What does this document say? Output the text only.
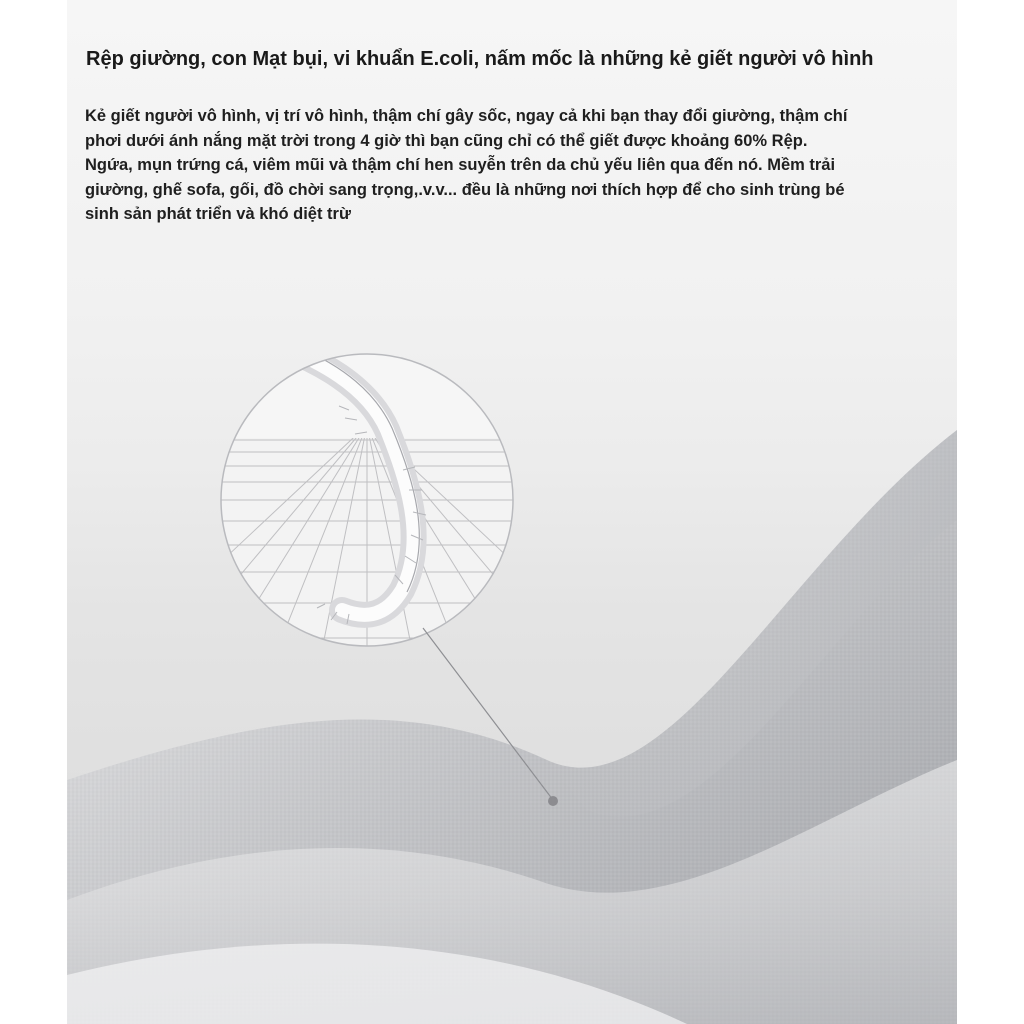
Rệp giường, con Mạt bụi, vi khuẩn E.coli, nấm mốc là những kẻ giết người vô hình
Kẻ giết người vô hình, vị trí vô hình, thậm chí gây sốc, ngay cả khi bạn thay đổi giường, thậm chí
phơi dưới ánh nắng mặt trời trong 4 giờ thì bạn cũng chỉ có thể giết được khoảng 60% Rệp.
Ngứa, mụn trứng cá, viêm mũi và thậm chí hen suyễn trên da chủ yếu liên qua đến nó. Mềm trải
giường, ghế sofa, gối, đồ chời sang trọng,.v.v... đều là những nơi thích hợp để cho sinh trùng bé
sinh sản phát triển và khó diệt trừ
